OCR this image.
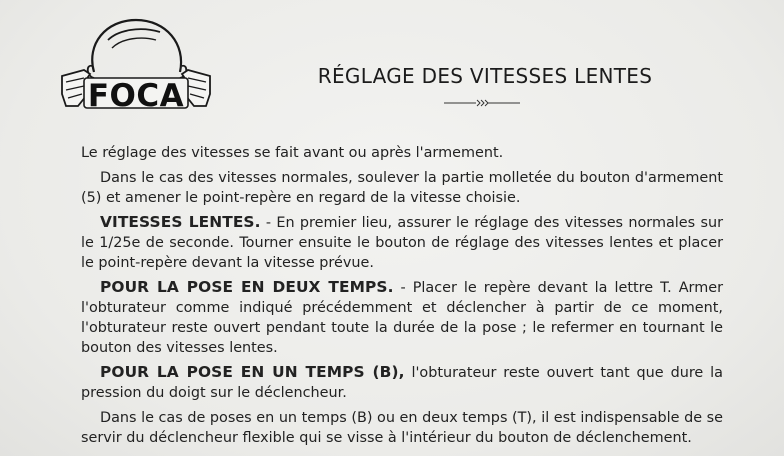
FOCA
RÉGLAGE DES VITESSES LENTES

Le réglage des vitesses se fait avant ou après l'armement.

Dans le cas des vitesses normales, soulever la partie molletée du bouton d'armement (5) et amener le point-repère en regard de la vitesse choisie.

VITESSES LENTES. - En premier lieu, assurer le réglage des vitesses normales sur le 1/25e de seconde. Tourner ensuite le bouton de réglage des vitesses lentes et placer le point-repère devant la vitesse prévue.

POUR LA POSE EN DEUX TEMPS. - Placer le repère devant la lettre T. Armer l'obturateur comme indiqué précédemment et déclencher à partir de ce moment, l'obturateur reste ouvert pendant toute la durée de la pose ; le refermer en tournant le bouton des vitesses lentes.

POUR LA POSE EN UN TEMPS (B), l'obturateur reste ouvert tant que dure la pression du doigt sur le déclencheur.

Dans le cas de poses en un temps (B) ou en deux temps (T), il est indispensable de se servir du déclencheur flexible qui se visse à l'intérieur du bouton de déclenchement.
